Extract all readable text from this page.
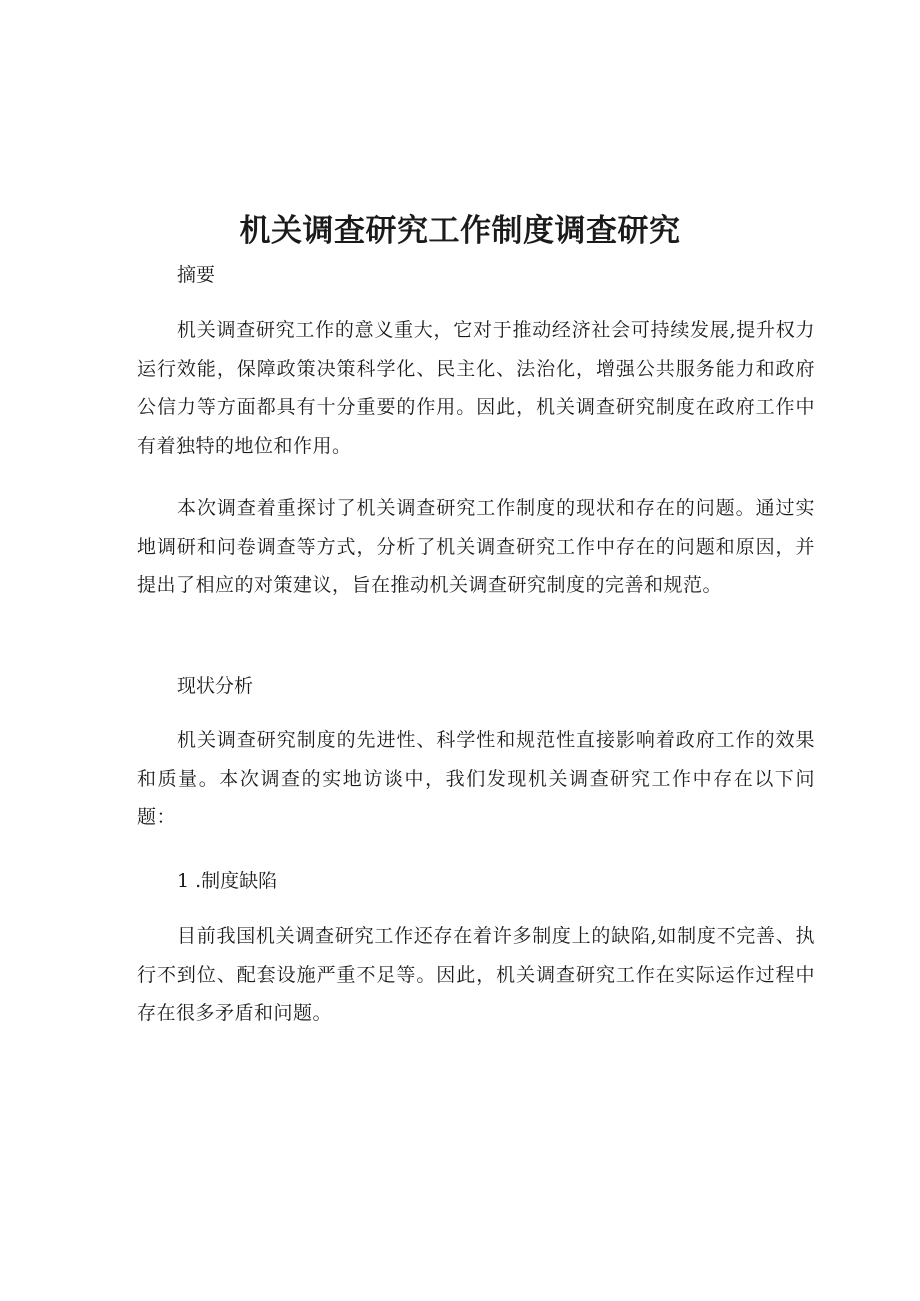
机关调查研究工作制度调查研究

摘要

机关调查研究工作的意义重大，它对于推动经济社会可持续发展,提升权力运行效能，保障政策决策科学化、民主化、法治化，增强公共服务能力和政府公信力等方面都具有十分重要的作用。因此，机关调查研究制度在政府工作中有着独特的地位和作用。

本次调查着重探讨了机关调查研究工作制度的现状和存在的问题。通过实地调研和问卷调查等方式，分析了机关调查研究工作中存在的问题和原因，并提出了相应的对策建议，旨在推动机关调查研究制度的完善和规范。

现状分析

机关调查研究制度的先进性、科学性和规范性直接影响着政府工作的效果和质量。本次调查的实地访谈中，我们发现机关调查研究工作中存在以下问题：

1 .制度缺陷

目前我国机关调查研究工作还存在着许多制度上的缺陷,如制度不完善、执行不到位、配套设施严重不足等。因此，机关调查研究工作在实际运作过程中存在很多矛盾和问题。
